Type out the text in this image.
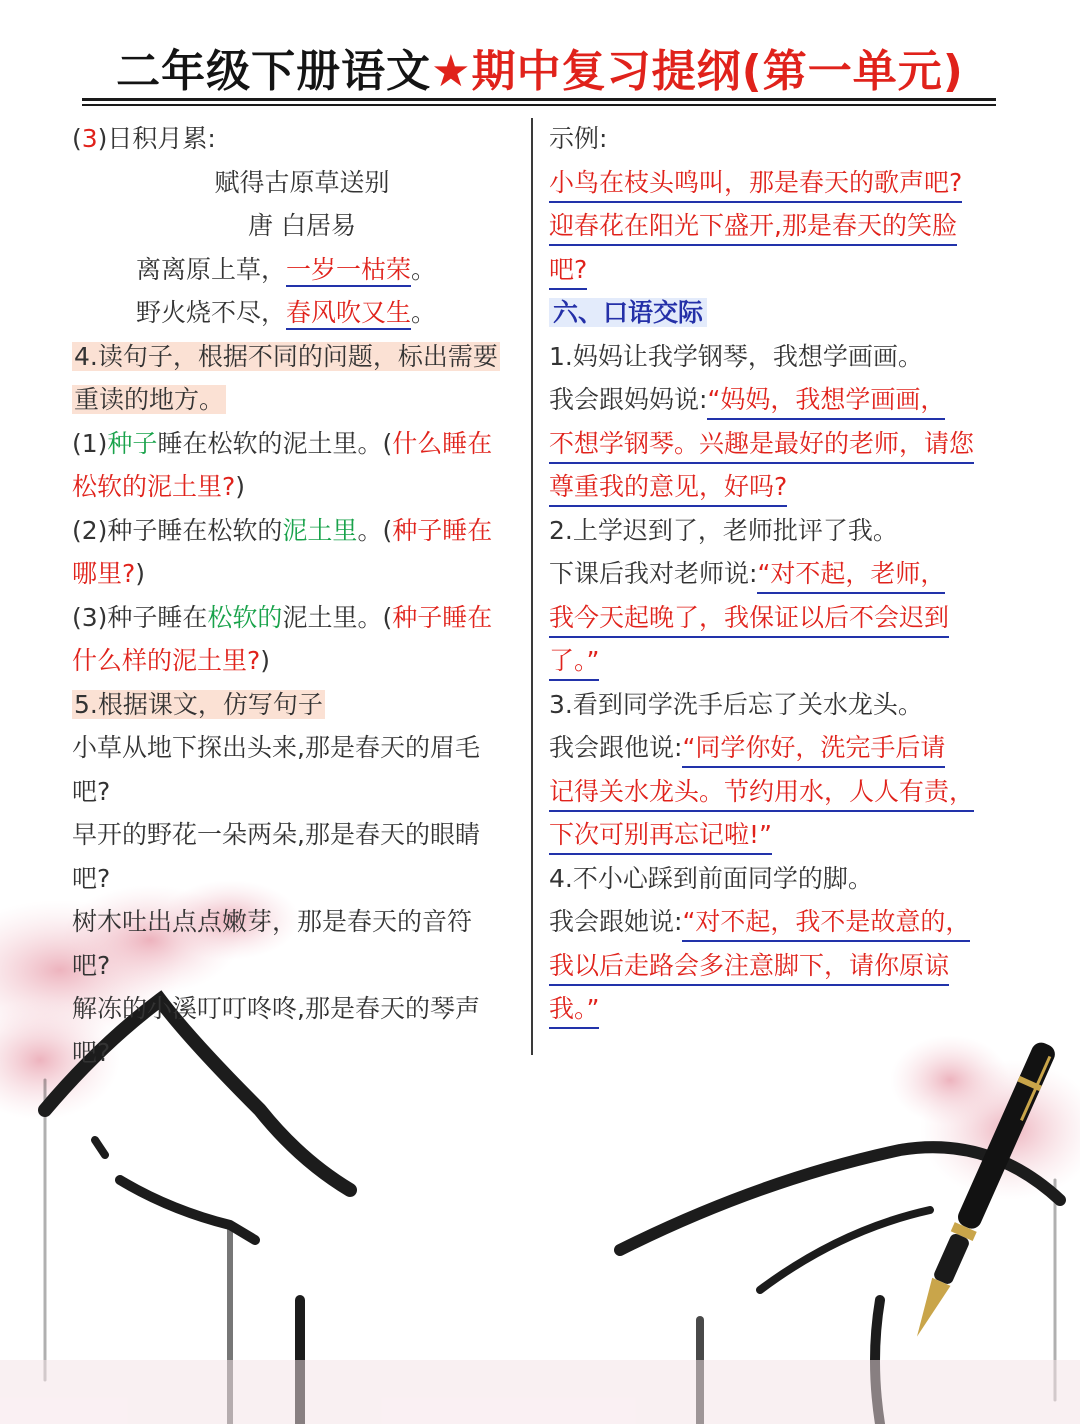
二年级下册语文★期中复习提纲(第一单元)
(3)日积月累:
赋得古原草送别
唐 白居易
离离原上草，一岁一枯荣。
野火烧不尽，春风吹又生。
4.读句子，根据不同的问题，标出需要
重读的地方。
(1)种子睡在松软的泥土里。(什么睡在
松软的泥土里?)
(2)种子睡在松软的泥土里。(种子睡在
哪里?)
(3)种子睡在松软的泥土里。(种子睡在
什么样的泥土里?)
5.根据课文，仿写句子
小草从地下探出头来,那是春天的眉毛
吧?
早开的野花一朵两朵,那是春天的眼睛
吧?
树木吐出点点嫩芽，那是春天的音符
吧?
解冻的小溪叮叮咚咚,那是春天的琴声
吧?
示例:
小鸟在枝头鸣叫，那是春天的歌声吧?
迎春花在阳光下盛开,那是春天的笑脸
吧?
六、口语交际
1.妈妈让我学钢琴，我想学画画。
我会跟妈妈说:“妈妈，我想学画画，
不想学钢琴。兴趣是最好的老师，请您
尊重我的意见，好吗?
2.上学迟到了，老师批评了我。
下课后我对老师说:“对不起，老师，
我今天起晚了，我保证以后不会迟到
了。”
3.看到同学洗手后忘了关水龙头。
我会跟他说:“同学你好，洗完手后请
记得关水龙头。节约用水，人人有责，
下次可别再忘记啦!”
4.不小心踩到前面同学的脚。
我会跟她说:“对不起，我不是故意的，
我以后走路会多注意脚下，请你原谅
我。”
